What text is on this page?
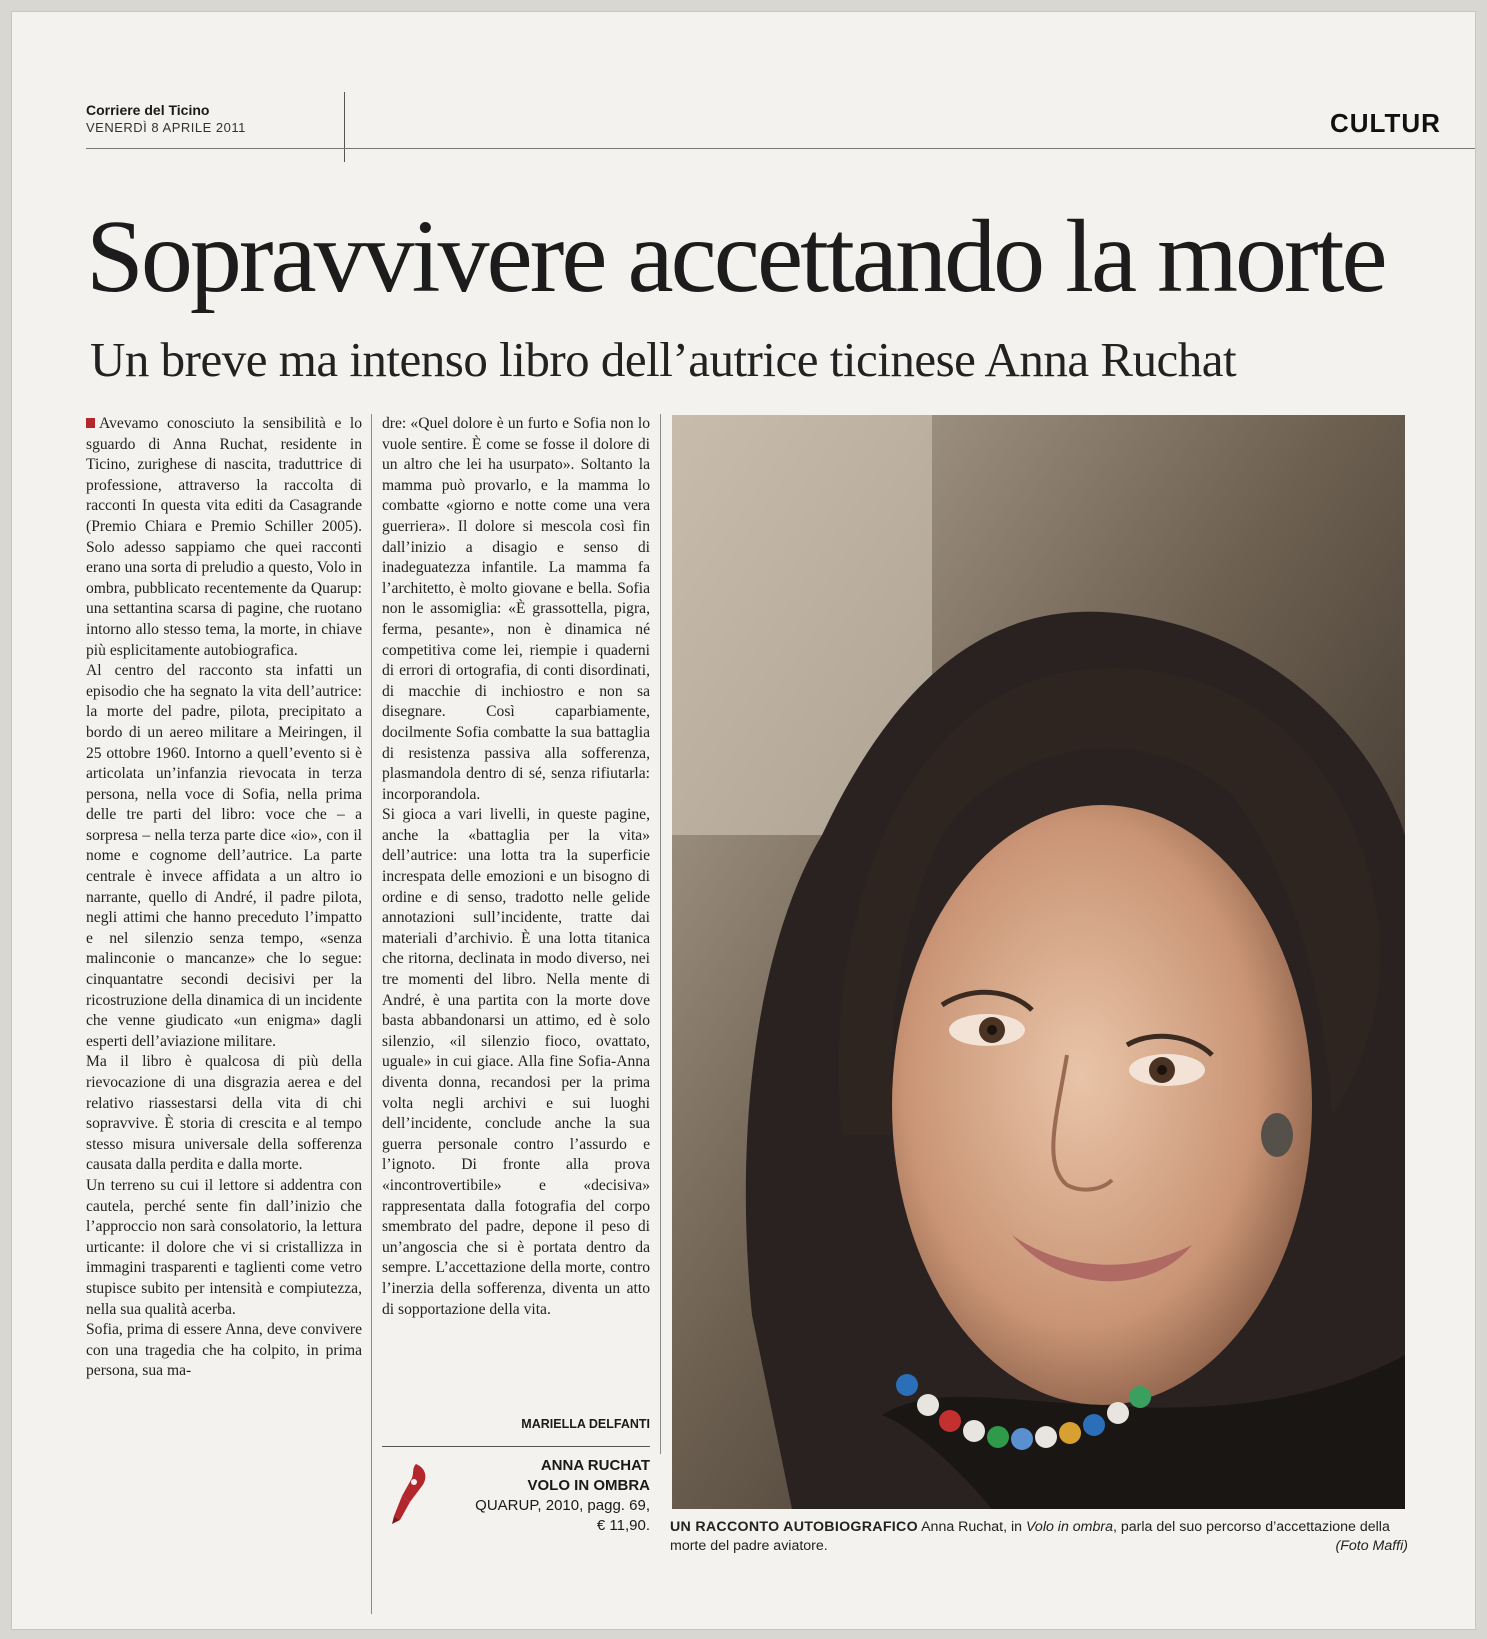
Corriere del Ticino
VENERDÌ 8 APRILE 2011	CULTUR
Sopravvivere accettando la morte
Un breve ma intenso libro dell’autrice ticinese Anna Ruchat

Avevamo conosciuto la sensibilità e lo sguardo di Anna Ruchat, residente in Ticino, zurighese di nascita, traduttrice di professione, attraverso la raccolta di racconti In questa vita editi da Casagrande (Premio Chiara e Premio Schiller 2005). Solo adesso sappiamo che quei racconti erano una sorta di preludio a questo, Volo in ombra, pubblicato recentemente da Quarup: una settantina scarsa di pagine, che ruotano intorno allo stesso tema, la morte, in chiave più esplicitamente autobiografica.

Al centro del racconto sta infatti un episodio che ha segnato la vita dell’autrice: la morte del padre, pilota, precipitato a bordo di un aereo militare a Meiringen, il 25 ottobre 1960. Intorno a quell’evento si è articolata un’infanzia rievocata in terza persona, nella voce di Sofia, nella prima delle tre parti del libro: voce che – a sorpresa – nella terza parte dice «io», con il nome e cognome dell’autrice. La parte centrale è invece affidata a un altro io narrante, quello di André, il padre pilota, negli attimi che hanno preceduto l’impatto e nel silenzio senza tempo, «senza malinconie o mancanze» che lo segue: cinquantatre secondi decisivi per la ricostruzione della dinamica di un incidente che venne giudicato «un enigma» dagli esperti dell’aviazione militare.

Ma il libro è qualcosa di più della rievocazione di una disgrazia aerea e del relativo riassestarsi della vita di chi sopravvive. È storia di crescita e al tempo stesso misura universale della sofferenza causata dalla perdita e dalla morte.

Un terreno su cui il lettore si addentra con cautela, perché sente fin dall’inizio che l’approccio non sarà consolatorio, la lettura urticante: il dolore che vi si cristallizza in immagini trasparenti e taglienti come vetro stupisce subito per intensità e compiutezza, nella sua qualità acerba.

Sofia, prima di essere Anna, deve convivere con una tragedia che ha colpito, in prima persona, sua ma-

dre: «Quel dolore è un furto e Sofia non lo vuole sentire. È come se fosse il dolore di un altro che lei ha usurpato». Soltanto la mamma può provarlo, e la mamma lo combatte «giorno e notte come una vera guerriera». Il dolore si mescola così fin dall’inizio a disagio e senso di inadeguatezza infantile. La mamma fa l’architetto, è molto giovane e bella. Sofia non le assomiglia: «È grassottella, pigra, ferma, pesante», non è dinamica né competitiva come lei, riempie i quaderni di errori di ortografia, di conti disordinati, di macchie di inchiostro e non sa disegnare. Così caparbiamente, docilmente Sofia combatte la sua battaglia di resistenza passiva alla sofferenza, plasmandola dentro di sé, senza rifiutarla: incorporandola.

Si gioca a vari livelli, in queste pagine, anche la «battaglia per la vita» dell’autrice: una lotta tra la superficie increspata delle emozioni e un bisogno di ordine e di senso, tradotto nelle gelide annotazioni sull’incidente, tratte dai materiali d’archivio. È una lotta titanica che ritorna, declinata in modo diverso, nei tre momenti del libro. Nella mente di André, è una partita con la morte dove basta abbandonarsi un attimo, ed è solo silenzio, «il silenzio fioco, ovattato, uguale» in cui giace. Alla fine Sofia-Anna diventa donna, recandosi per la prima volta negli archivi e sui luoghi dell’incidente, conclude anche la sua guerra personale contro l’assurdo e l’ignoto. Di fronte alla prova «incontrovertibile» e «decisiva» rappresentata dalla fotografia del corpo smembrato del padre, depone il peso di un’angoscia che si è portata dentro da sempre. L’accettazione della morte, contro l’inerzia della sofferenza, diventa un atto di sopportazione della vita.

MARIELLA DELFANTI
ANNA RUCHAT
VOLO IN OMBRA
QUARUP, 2010, pagg. 69,
€ 11,90. UN RACCONTO AUTOBIOGRAFICO Anna Ruchat, in Volo in ombra, parla del suo percorso d’accettazione della morte del padre aviatore.	(Foto Maffi)
